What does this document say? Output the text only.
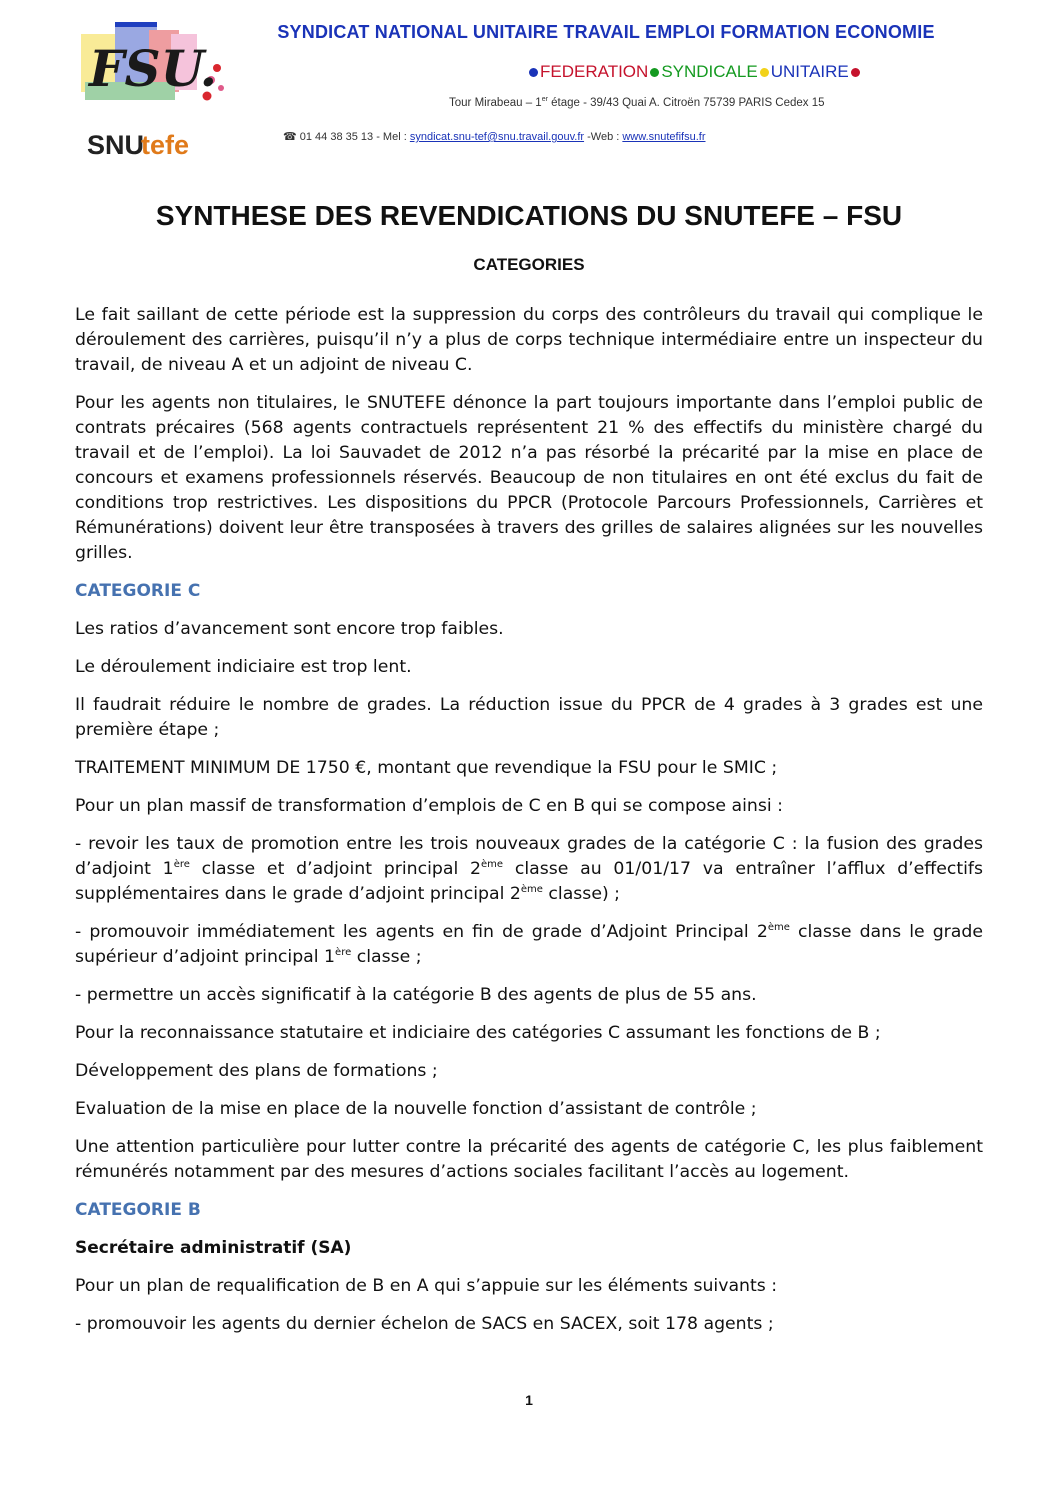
FSU.
SNU
tefe
SYNDICAT NATIONAL UNITAIRE TRAVAIL EMPLOI FORMATION ECONOMIE
FEDERATION SYNDICALE UNITAIRE
Tour Mirabeau – 1er étage - 39/43 Quai A. Citroën 75739 PARIS Cedex 15
☎ 01 44 38 35 13 - Mel : syndicat.snu-tef@snu.travail.gouv.fr -Web : www.snutefifsu.fr
SYNTHESE DES REVENDICATIONS DU SNUTEFE – FSU
CATEGORIES

Le fait saillant de cette période est la suppression du corps des contrôleurs du travail qui complique le déroulement des carrières, puisqu’il n’y a plus de corps technique intermédiaire entre un inspecteur du travail, de niveau A et un adjoint de niveau C.

Pour les agents non titulaires, le SNUTEFE dénonce la part toujours importante dans l’emploi public de contrats précaires (568 agents contractuels représentent 21 % des effectifs du ministère chargé du travail et de l’emploi). La loi Sauvadet de 2012 n’a pas résorbé la précarité par la mise en place de concours et examens professionnels réservés. Beaucoup de non titulaires en ont été exclus du fait de conditions trop restrictives. Les dispositions du PPCR (Protocole Parcours Professionnels, Carrières et Rémunérations) doivent leur être transposées à travers des grilles de salaires alignées sur les nouvelles grilles.

CATEGORIE C

Les ratios d’avancement sont encore trop faibles.

Le déroulement indiciaire est trop lent.

Il faudrait réduire le nombre de grades. La réduction issue du PPCR de 4 grades à 3 grades est une première étape ;

TRAITEMENT MINIMUM DE 1750 €, montant que revendique la FSU pour le SMIC ;

Pour un plan massif de transformation d’emplois de C en B qui se compose ainsi :

- revoir les taux de promotion entre les trois nouveaux grades de la catégorie C : la fusion des grades d’adjoint 1ère classe et d’adjoint principal 2ème classe au 01/01/17 va entraîner l’afflux d’effectifs supplémentaires dans le grade d’adjoint principal 2ème classe) ;

- promouvoir immédiatement les agents en fin de grade d’Adjoint Principal 2ème classe dans le grade supérieur d’adjoint principal 1ère classe ;

- permettre un accès significatif à la catégorie B des agents de plus de 55 ans.

Pour la reconnaissance statutaire et indiciaire des catégories C assumant les fonctions de B ;

Développement des plans de formations ;

Evaluation de la mise en place de la nouvelle fonction d’assistant de contrôle ;

Une attention particulière pour lutter contre la précarité des agents de catégorie C, les plus faiblement rémunérés notamment par des mesures d’actions sociales facilitant l’accès au logement.

CATEGORIE B

Secrétaire administratif (SA)

Pour un plan de requalification de B en A qui s’appuie sur les éléments suivants :

- promouvoir les agents du dernier échelon de SACS en SACEX, soit 178 agents ;

1
